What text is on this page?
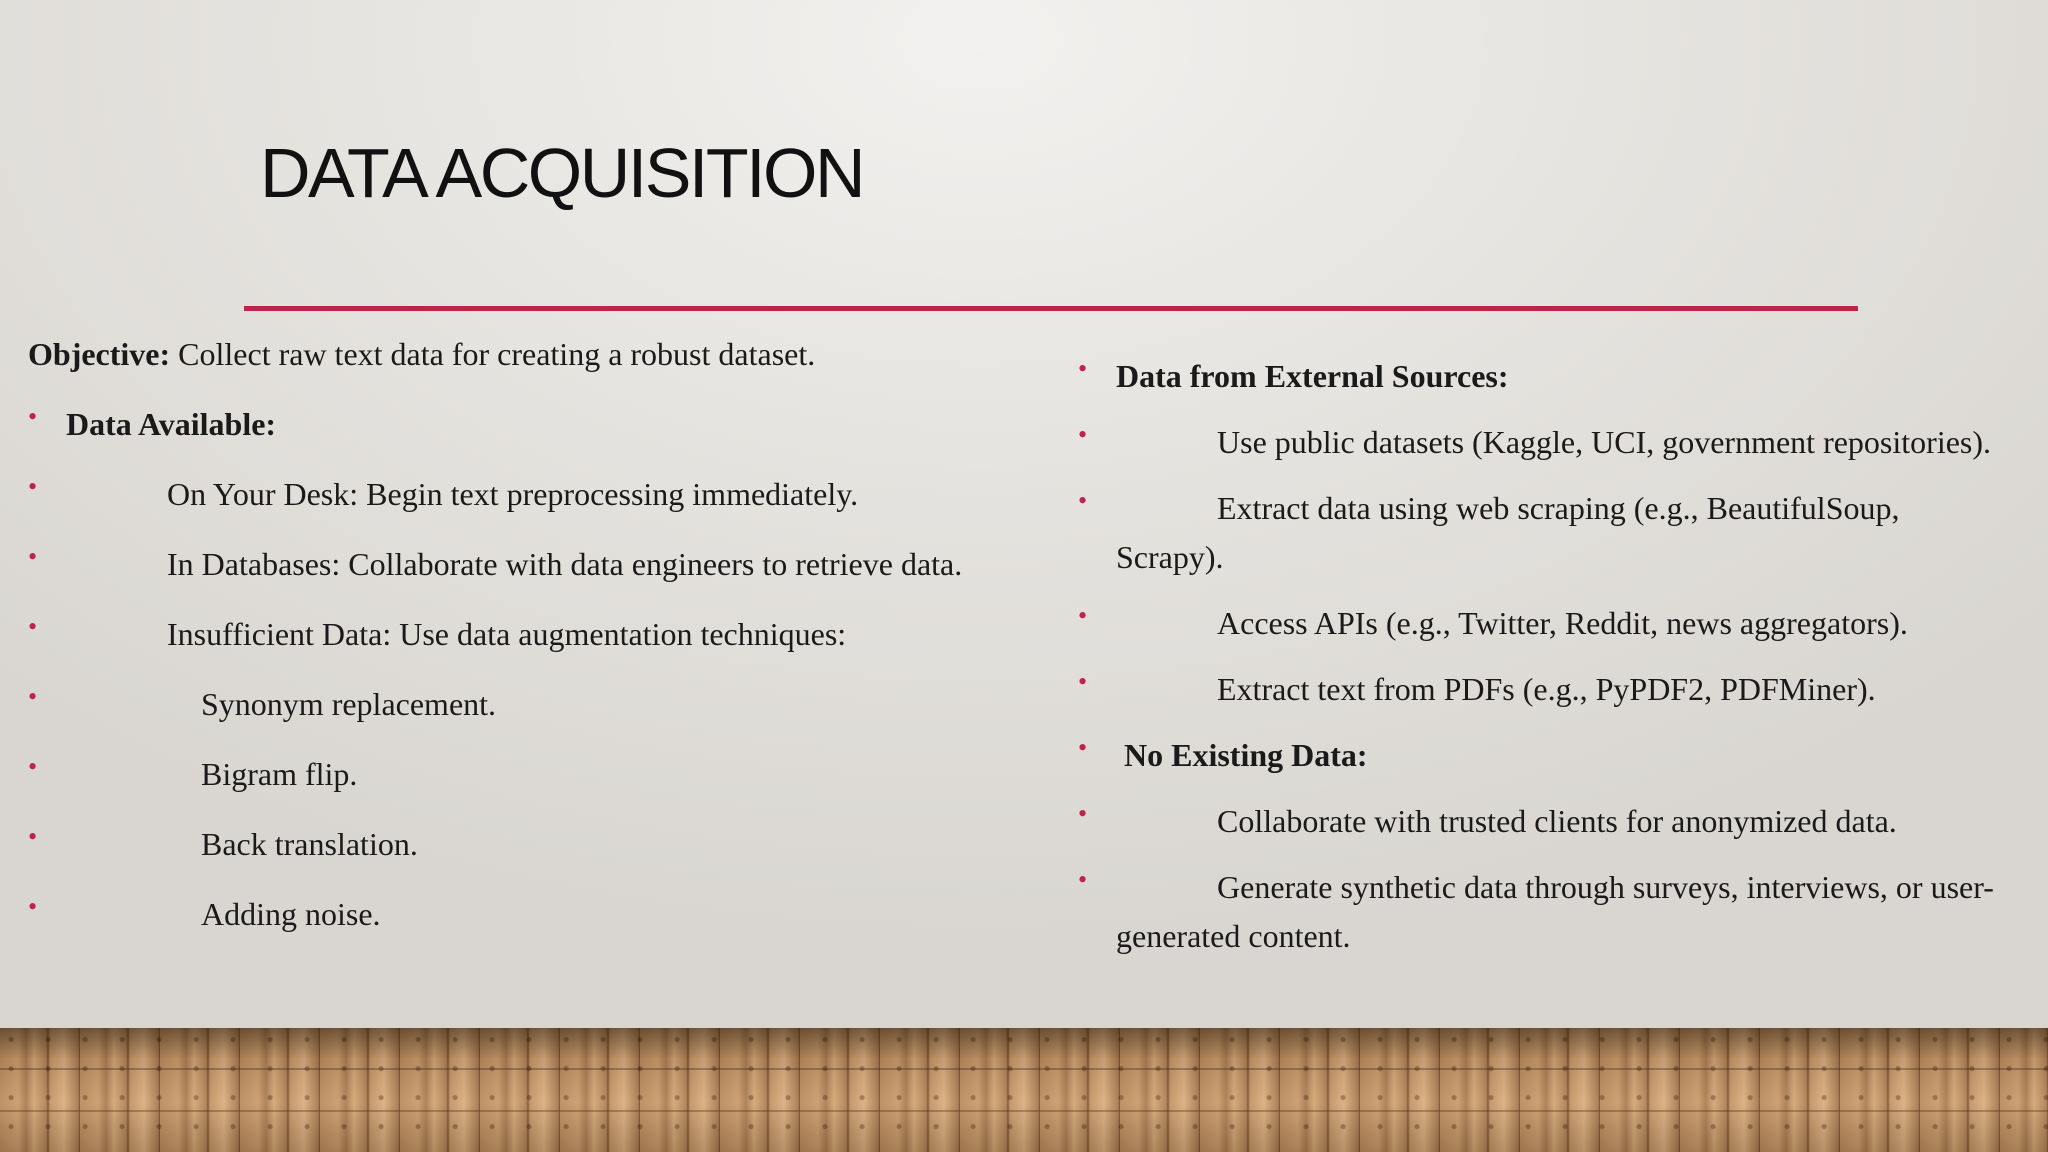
DATA ACQUISITION

Objective: Collect raw text data for creating a robust dataset.

• Data Available:

•	On Your Desk: Begin text preprocessing immediately.

•	In Databases: Collaborate with data engineers to retrieve data.

•	Insufficient Data: Use data augmentation techniques:

•	Synonym replacement.

•	Bigram flip.

•	Back translation.

•	Adding noise.

• Data from External Sources:

•	Use public datasets (Kaggle, UCI, government repositories).

•	Extract data using web scraping (e.g., BeautifulSoup, Scrapy).

•	Access APIs (e.g., Twitter, Reddit, news aggregators).

•	Extract text from PDFs (e.g., PyPDF2, PDFMiner).

• No Existing Data:

•	Collaborate with trusted clients for anonymized data.

•	Generate synthetic data through surveys, interviews, or user-generated content.
